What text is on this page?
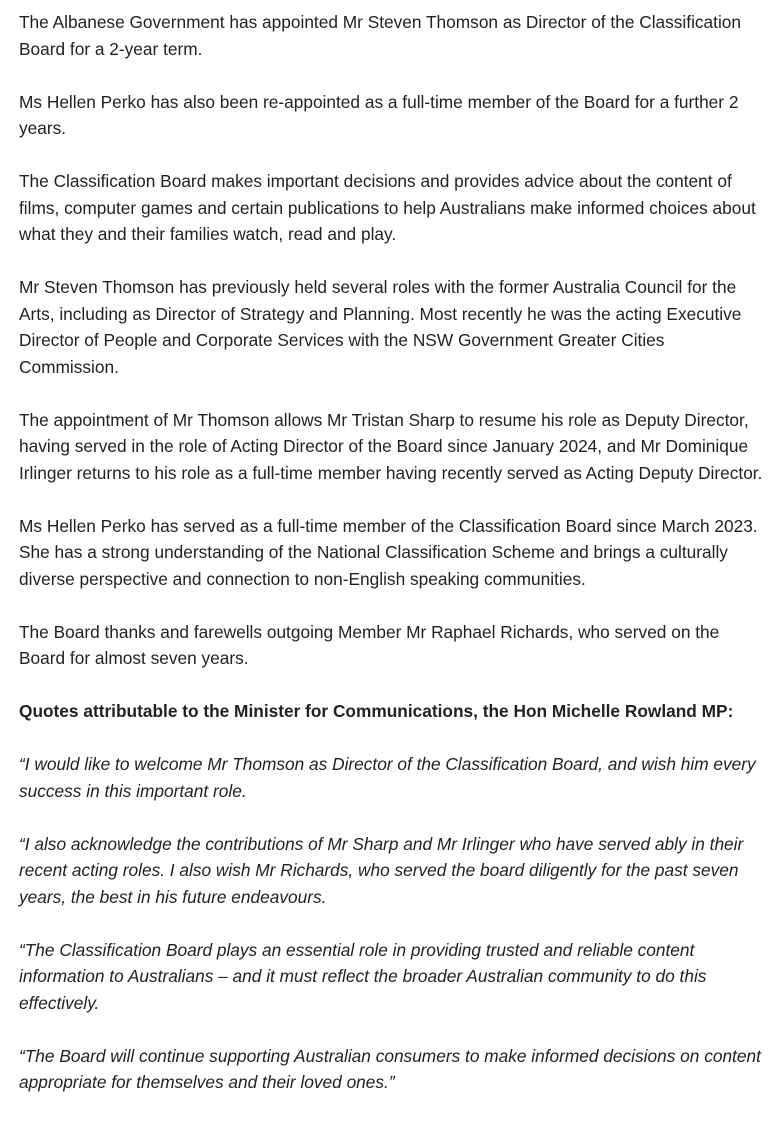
The Albanese Government has appointed Mr Steven Thomson as Director of the Classification Board for a 2-year term.

Ms Hellen Perko has also been re-appointed as a full-time member of the Board for a further 2 years.

The Classification Board makes important decisions and provides advice about the content of films, computer games and certain publications to help Australians make informed choices about what they and their families watch, read and play.

Mr Steven Thomson has previously held several roles with the former Australia Council for the Arts, including as Director of Strategy and Planning. Most recently he was the acting Executive Director of People and Corporate Services with the NSW Government Greater Cities Commission.

The appointment of Mr Thomson allows Mr Tristan Sharp to resume his role as Deputy Director, having served in the role of Acting Director of the Board since January 2024, and Mr Dominique Irlinger returns to his role as a full-time member having recently served as Acting Deputy Director.

Ms Hellen Perko has served as a full-time member of the Classification Board since March 2023. She has a strong understanding of the National Classification Scheme and brings a culturally diverse perspective and connection to non-English speaking communities.

The Board thanks and farewells outgoing Member Mr Raphael Richards, who served on the Board for almost seven years.

Quotes attributable to the Minister for Communications, the Hon Michelle Rowland MP:

“I would like to welcome Mr Thomson as Director of the Classification Board, and wish him every success in this important role.

“I also acknowledge the contributions of Mr Sharp and Mr Irlinger who have served ably in their recent acting roles. I also wish Mr Richards, who served the board diligently for the past seven years, the best in his future endeavours.

“The Classification Board plays an essential role in providing trusted and reliable content information to Australians – and it must reflect the broader Australian community to do this effectively.

“The Board will continue supporting Australian consumers to make informed decisions on content appropriate for themselves and their loved ones.”
